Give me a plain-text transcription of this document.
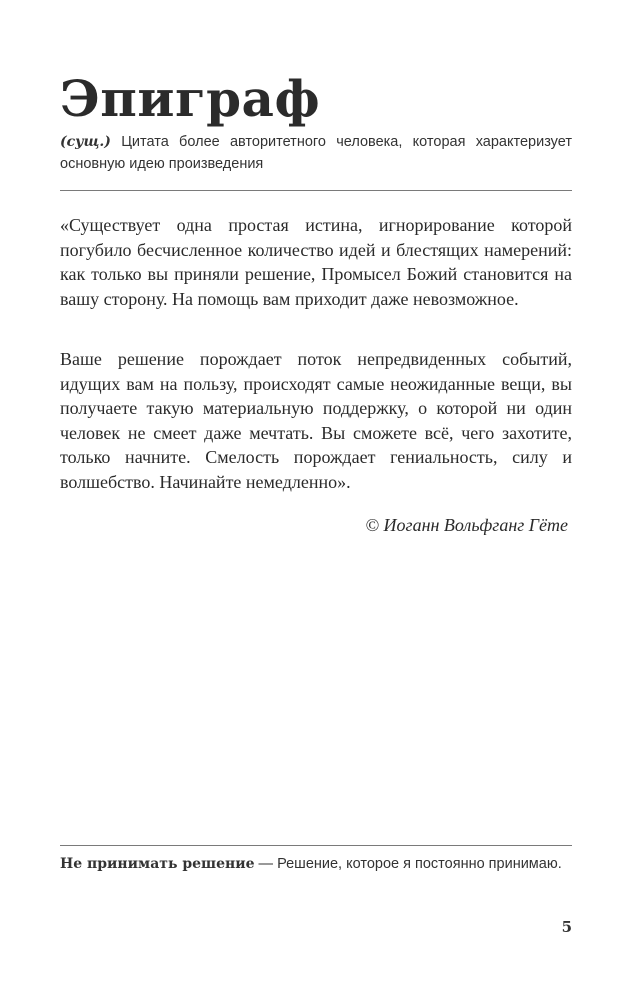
Эпиграф
(сущ.) Цитата более авторитетного человека, которая характеризует основную идею произведения

«Существует одна простая истина, игнорирование которой погубило бесчисленное количество идей и блестящих намерений: как только вы приняли решение, Промысел Божий становится на вашу сторону. На помощь вам приходит даже невозможное.

Ваше решение порождает поток непредвиденных событий, идущих вам на пользу, происходят самые неожиданные вещи, вы получаете такую материальную поддержку, о которой ни один человек не смеет даже мечтать. Вы сможете всё, чего захотите, только начните. Смелость порождает гениальность, силу и волшебство. Начинайте немедленно».

© Иоганн Вольфганг Гёте
Не принимать решение — Решение, которое я постоянно принимаю.
5
